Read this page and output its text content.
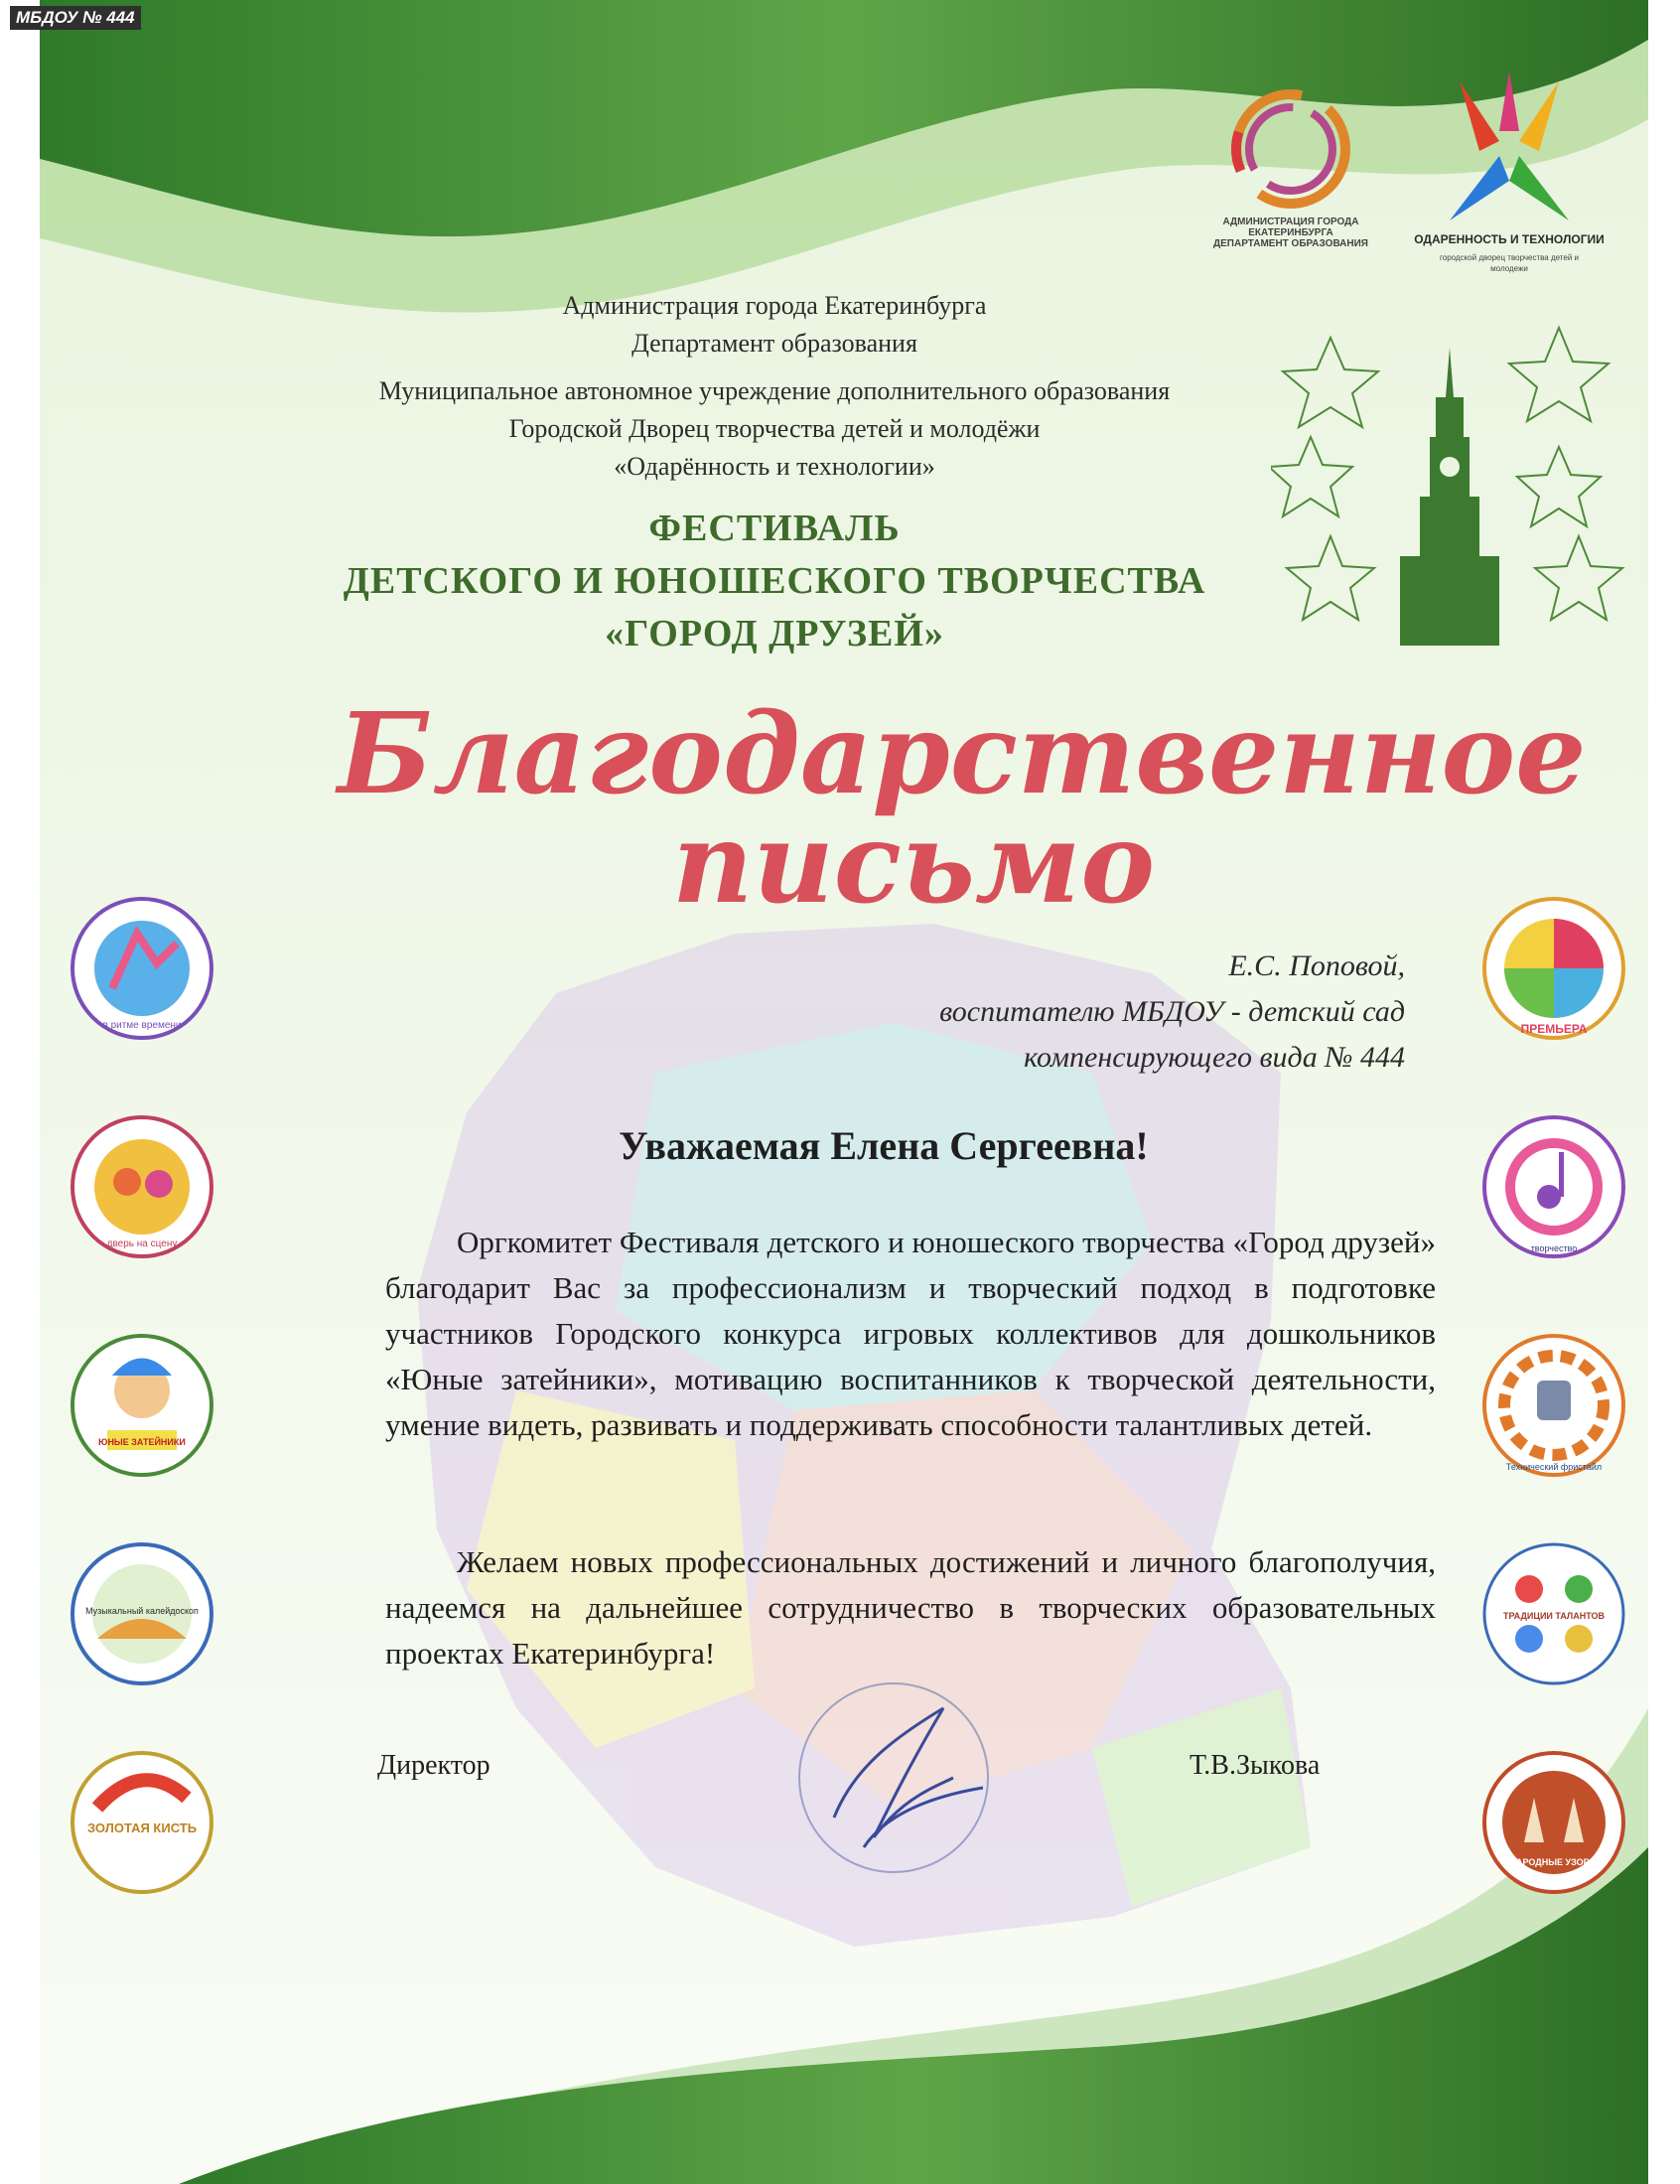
МБДОУ № 444
АДМИНИСТРАЦИЯ ГОРОДА ЕКАТЕРИНБУРГА ДЕПАРТАМЕНТ ОБРАЗОВАНИЯ	ОДАРЕННОСТЬ И ТЕХНОЛОГИИ
городской дворец творчества детей и молодежи
Администрация города Екатеринбурга
Департамент образования
Муниципальное автономное учреждение дополнительного образования
Городской Дворец творчества детей и молодёжи
«Одарённость и технологии»
ФЕСТИВАЛЬ
ДЕТСКОГО И ЮНОШЕСКОГО ТВОРЧЕСТВА
«ГОРОД ДРУЗЕЙ»
Благодарственное
письмо
Е.С. Поповой,
воспитателю МБДОУ - детский сад
компенсирующего вида № 444
Уважаемая Елена Сергеевна!

Оргкомитет Фестиваля детского и юношеского творчества «Город друзей» благодарит Вас за профессионализм и творческий подход в подготовке участников Городского конкурса игровых коллективов для дошкольников «Юные затейники», мотивацию воспитанников к творческой деятельности, умение видеть, развивать и поддерживать способности талантливых детей.

Желаем новых профессиональных достижений и личного благополучия, надеемся на дальнейшее сотрудничество в творческих образовательных проектах Екатеринбурга!

Директор	Т.В.Зыкова
в ритме времени
дверь на сцену
ЮНЫЕ ЗАТЕЙНИКИ
Музыкальный калейдоскоп
ЗОЛОТАЯ КИСТЬ
ПРЕМЬЕРА
творчество
Технический фристайл
ТРАДИЦИИ ТАЛАНТОВ
НАРОДНЫЕ УЗОРЫ
